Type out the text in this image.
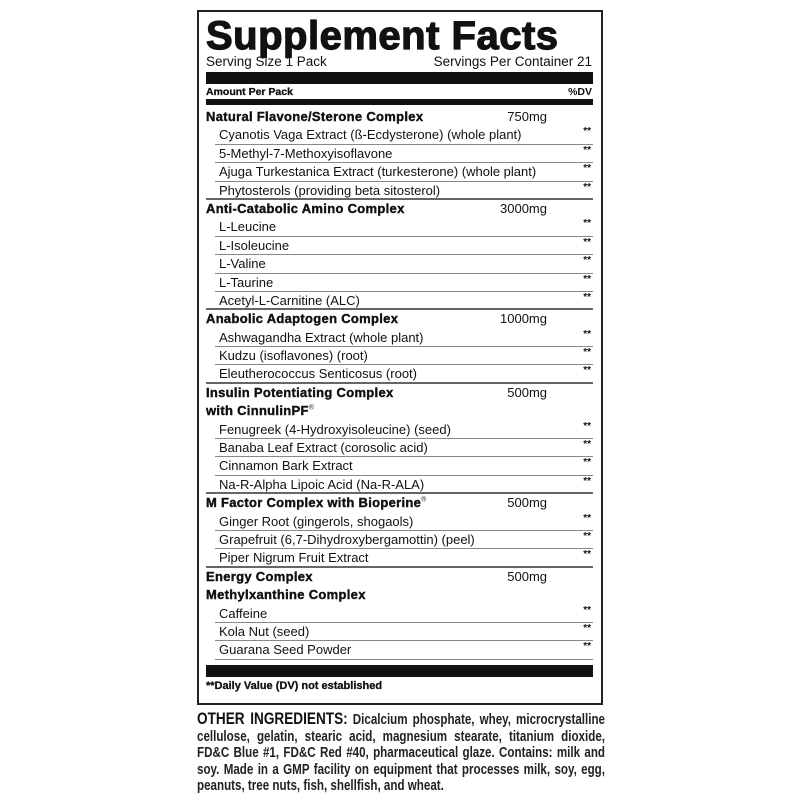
Supplement Facts
Serving Size 1 Pack	Servings Per Container 21
Amount Per Pack	%DV
Natural Flavone/Sterone Complex	750mg
Cyanotis Vaga Extract (ß-Ecdysterone) (whole plant)	**
5-Methyl-7-Methoxyisoflavone	**
Ajuga Turkestanica Extract (turkesterone) (whole plant)	**
Phytosterols (providing beta sitosterol)	**
Anti-Catabolic Amino Complex	3000mg
L-Leucine	**
L-Isoleucine	**
L-Valine	**
L-Taurine	**
Acetyl-L-Carnitine (ALC)	**
Anabolic Adaptogen Complex	1000mg
Ashwagandha Extract (whole plant)	**
Kudzu (isoflavones) (root)	**
Eleutherococcus Senticosus (root)	**
Insulin Potentiating Complex	500mg
with CinnulinPF®
Fenugreek (4-Hydroxyisoleucine) (seed)	**
Banaba Leaf Extract (corosolic acid)	**
Cinnamon Bark Extract	**
Na-R-Alpha Lipoic Acid (Na-R-ALA)	**
M Factor Complex with Bioperine®	500mg
Ginger Root (gingerols, shogaols)	**
Grapefruit (6,7-Dihydroxybergamottin) (peel)	**
Piper Nigrum Fruit Extract	**
Energy Complex	500mg
Methylxanthine Complex
Caffeine	**
Kola Nut (seed)	**
Guarana Seed Powder	**
**Daily Value (DV) not established
OTHER INGREDIENTS: Dicalcium phosphate, whey, microcrystalline cellulose, gelatin, stearic acid, magnesium stearate, titanium dioxide, FD&C Blue #1, FD&C Red #40, pharmaceutical glaze. Contains: milk and soy. Made in a GMP facility on equipment that processes milk, soy, egg, peanuts, tree nuts, fish, shellfish, and wheat.
